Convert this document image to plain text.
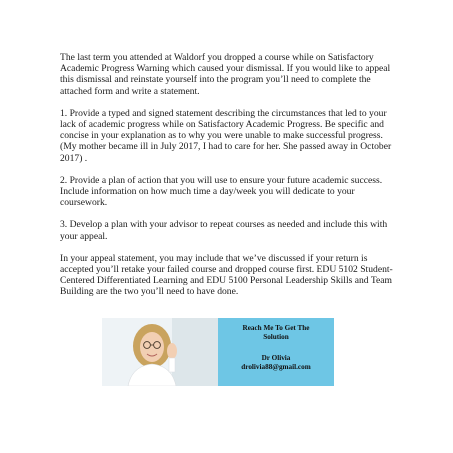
The last term you attended at Waldorf you dropped a course while on Satisfactory Academic Progress Warning which caused your dismissal. If you would like to appeal this dismissal and reinstate yourself into the program you’ll need to complete the attached form and write a statement.

1. Provide a typed and signed statement describing the circumstances that led to your lack of academic progress while on Satisfactory Academic Progress. Be specific and concise in your explanation as to why you were unable to make successful progress.

(My mother became ill in July 2017, I had to care for her. She passed away in October 2017) .

2. Provide a plan of action that you will use to ensure your future academic success. Include information on how much time a day/week you will dedicate to your coursework.

3. Develop a plan with your advisor to repeat courses as needed and include this with your appeal.

In your appeal statement, you may include that we’ve discussed if your return is accepted you’ll retake your failed course and dropped course first. EDU 5102 Student-Centered Differentiated Learning and EDU 5100 Personal Leadership Skills and Team Building are the two you’ll need to have done.

Reach Me To Get The
Solution
Dr Olivia
drolivia88@gmail.com
